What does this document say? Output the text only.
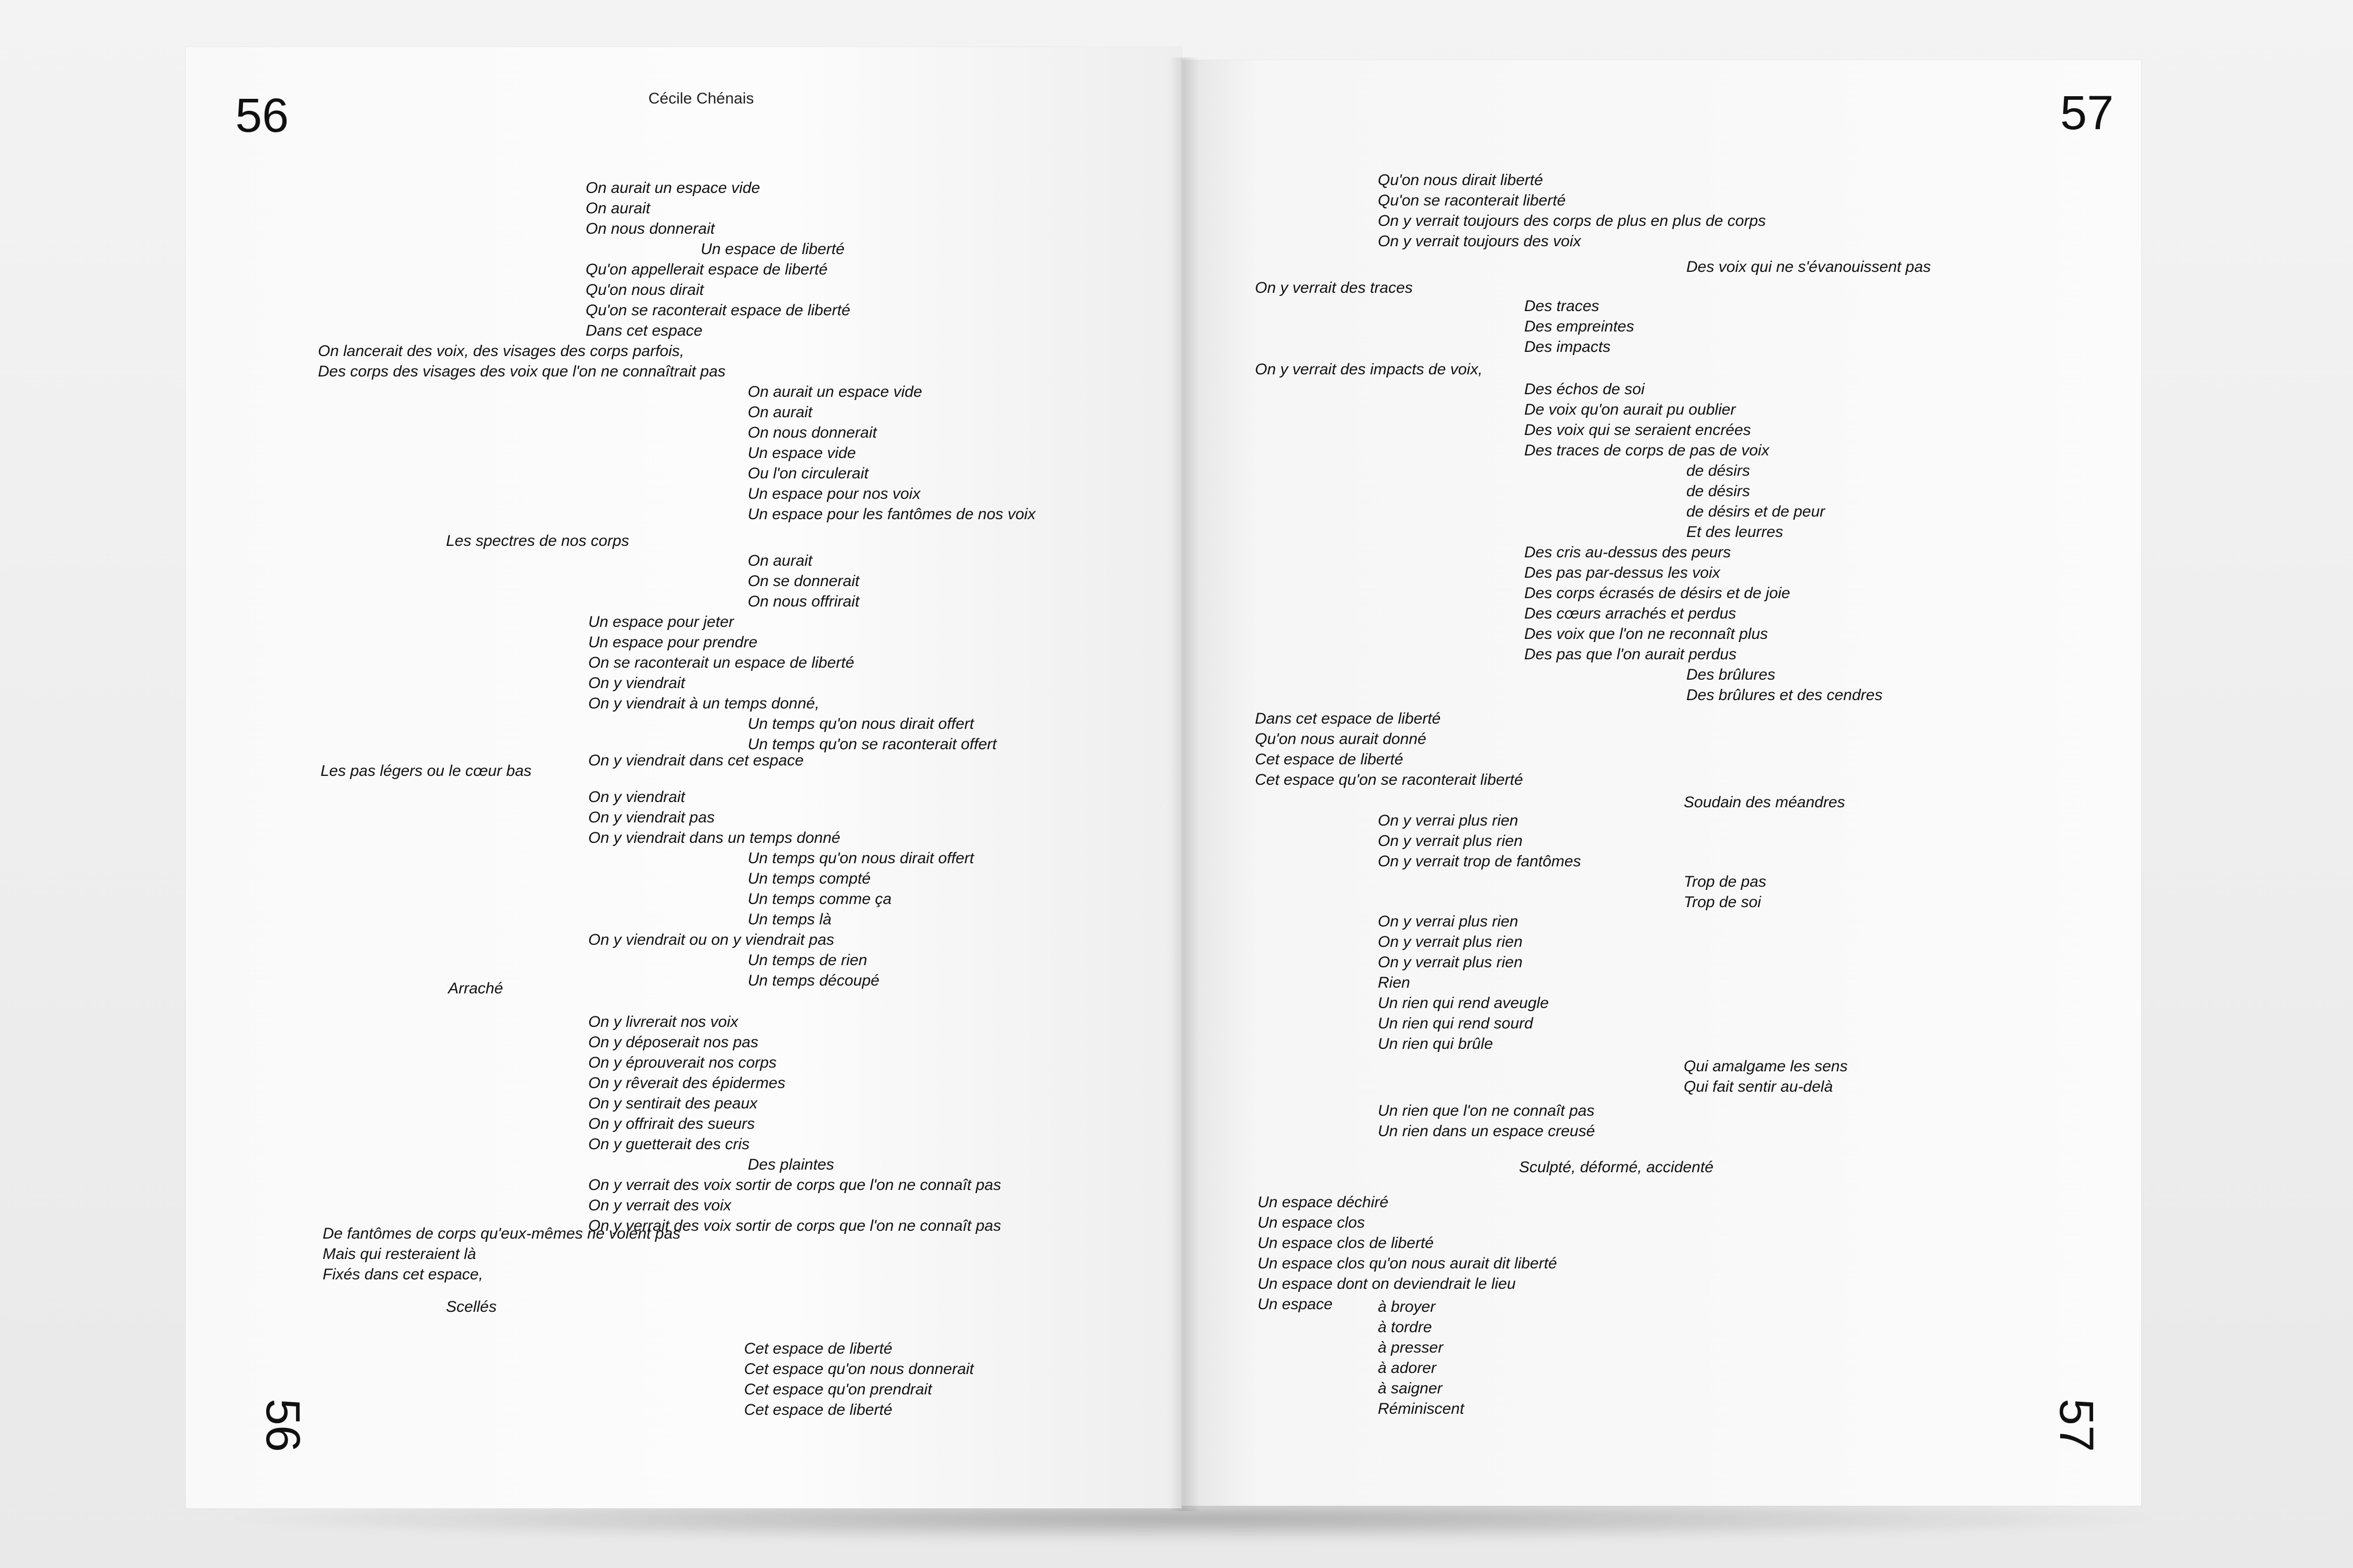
56	Cécile Chénais
On aurait un espace vide
On aurait
On nous donnerait
Un espace de liberté
Qu'on appellerait espace de liberté
Qu'on nous dirait
Qu'on se raconterait espace de liberté
Dans cet espace
On lancerait des voix, des visages des corps parfois,
Des corps des visages des voix que l'on ne connaîtrait pas
On aurait un espace vide
On aurait
On nous donnerait
Un espace vide
Ou l'on circulerait
Un espace pour nos voix
Un espace pour les fantômes de nos voix
Les spectres de nos corps
On aurait
On se donnerait
On nous offrirait
Un espace pour jeter
Un espace pour prendre
On se raconterait un espace de liberté
On y viendrait
On y viendrait à un temps donné,
Un temps qu'on nous dirait offert
Un temps qu'on se raconterait offert
Les pas légers ou le cœur bas
On y viendrait dans cet espace
On y viendrait
On y viendrait pas
On y viendrait dans un temps donné
Un temps qu'on nous dirait offert
Un temps compté
Un temps comme ça
Un temps là
On y viendrait ou on y viendrait pas
Un temps de rien
Un temps découpé
Arraché
On y livrerait nos voix
On y déposerait nos pas
On y éprouverait nos corps
On y rêverait des épidermes
On y sentirait des peaux
On y offrirait des sueurs
On y guetterait des cris
Des plaintes
On y verrait des voix sortir de corps que l'on ne connaît pas
On y verrait des voix
On y verrait des voix sortir de corps que l'on ne connaît pas
De fantômes de corps qu'eux-mêmes ne voient pas
Mais qui resteraient là
Fixés dans cet espace,
Scellés
Cet espace de liberté
Cet espace qu'on nous donnerait
Cet espace qu'on prendrait
Cet espace de liberté
56
57
Qu'on nous dirait liberté
Qu'on se raconterait liberté
On y verrait toujours des corps de plus en plus de corps
On y verrait toujours des voix
Des voix qui ne s'évanouissent pas
On y verrait des traces
Des traces
Des empreintes
Des impacts
On y verrait des impacts de voix,
Des échos de soi
De voix qu'on aurait pu oublier
Des voix qui se seraient encrées
Des traces de corps de pas de voix
de désirs
de désirs
de désirs et de peur
Et des leurres
Des cris au-dessus des peurs
Des pas par-dessus les voix
Des corps écrasés de désirs et de joie
Des cœurs arrachés et perdus
Des voix que l'on ne reconnaît plus
Des pas que l'on aurait perdus
Des brûlures
Des brûlures et des cendres
Dans cet espace de liberté
Qu'on nous aurait donné
Cet espace de liberté
Cet espace qu'on se raconterait liberté
Soudain des méandres
On y verrai plus rien
On y verrait plus rien
On y verrait trop de fantômes
Trop de pas
Trop de soi
On y verrai plus rien
On y verrait plus rien
On y verrait plus rien
Rien
Un rien qui rend aveugle
Un rien qui rend sourd
Un rien qui brûle
Qui amalgame les sens
Qui fait sentir au-delà
Un rien que l'on ne connaît pas
Un rien dans un espace creusé
Sculpté, déformé, accidenté
Un espace déchiré
Un espace clos
Un espace clos de liberté
Un espace clos qu'on nous aurait dit liberté
Un espace dont on deviendrait le lieu
Un espace	à broyer
à tordre
à presser
à adorer
à saigner
Réminiscent	57
